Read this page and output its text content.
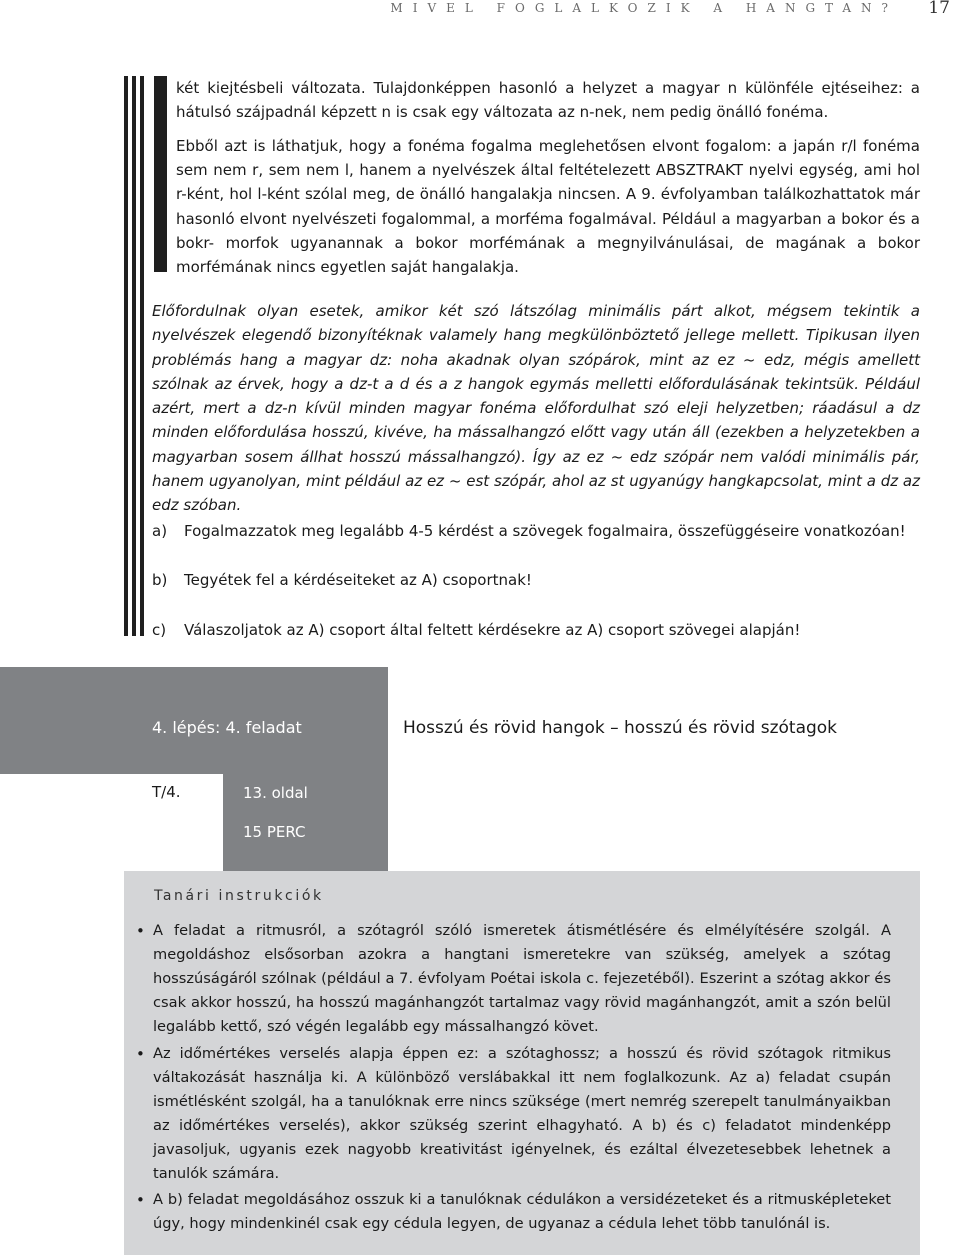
MIVEL FOGLALKOZIK A HANGTAN? 17

két kiejtésbeli változata. Tulajdonképpen hasonló a helyzet a magyar n különféle ejtéseihez: a hátulsó szájpadnál képzett n is csak egy változata az n-nek, nem pedig önálló fonéma.

Ebből azt is láthatjuk, hogy a fonéma fogalma meglehetősen elvont fogalom: a japán r/l fonéma sem nem r, sem nem l, hanem a nyelvészek által feltételezett ABSZTRAKT nyelvi egység, ami hol r-ként, hol l-ként szólal meg, de önálló hangalakja nincsen. A 9. évfolyamban találkozhattatok már hasonló elvont nyelvészeti fogalommal, a morféma fogalmával. Például a magyarban a bokor és a bokr- morfok ugyanannak a bokor morfémának a megnyilvánulásai, de magának a bokor morfémának nincs egyetlen saját hangalakja.

Előfordulnak olyan esetek, amikor két szó látszólag minimális párt alkot, mégsem tekintik a nyelvészek elegendő bizonyítéknak valamely hang megkülönböztető jellege mellett. Tipikusan ilyen problémás hang a magyar dz: noha akadnak olyan szópárok, mint az ez ~ edz, mégis amellett szólnak az érvek, hogy a dz-t a d és a z hangok egymás melletti előfordulásának tekintsük. Például azért, mert a dz-n kívül minden magyar fonéma előfordulhat szó eleji helyzetben; ráadásul a dz minden előfordulása hosszú, kivéve, ha mássalhangzó előtt vagy után áll (ezekben a helyzetekben a magyarban sosem állhat hosszú mássalhangzó). Így az ez ~ edz szópár nem valódi minimális pár, hanem ugyanolyan, mint például az ez ~ est szópár, ahol az st ugyanúgy hangkapcsolat, mint a dz az edz szóban.

a) Fogalmazzatok meg legalább 4-5 kérdést a szövegek fogalmaira, összefüggéseire vonatkozóan!
b) Tegyétek fel a kérdéseiteket az A) csoportnak!
c) Válaszoljatok az A) csoport által feltett kérdésekre az A) csoport szövegei alapján!
4. lépés: 4. feladat	Hosszú és rövid hangok – hosszú és rövid szótagok
T/4.	13. oldal
15 PERC
Tanári instrukciók
• A feladat a ritmusról, a szótagról szóló ismeretek átismétlésére és elmélyítésére szolgál. A megoldáshoz elsősorban azokra a hangtani ismeretekre van szükség, amelyek a szótag hosszúságáról szólnak (például a 7. évfolyam Poétai iskola c. fejezetéből). Eszerint a szótag akkor és csak akkor hosszú, ha hosszú magánhangzót tartalmaz vagy rövid magánhangzót, amit a szón belül legalább kettő, szó végén legalább egy mássalhangzó követ.
• Az időmértékes verselés alapja éppen ez: a szótaghossz; a hosszú és rövid szótagok ritmikus váltakozását használja ki. A különböző verslábakkal itt nem foglalkozunk. Az a) feladat csupán ismétlésként szolgál, ha a tanulóknak erre nincs szüksége (mert nemrég szerepelt tanulmányaikban az időmértékes verselés), akkor szükség szerint elhagyható. A b) és c) feladatot mindenképp javasoljuk, ugyanis ezek nagyobb kreativitást igényelnek, és ezáltal élvezetesebbek lehetnek a tanulók számára.
• A b) feladat megoldásához osszuk ki a tanulóknak cédulákon a versidézeteket és a ritmusképleteket úgy, hogy mindenkinél csak egy cédula legyen, de ugyanaz a cédula lehet több tanulónál is.
